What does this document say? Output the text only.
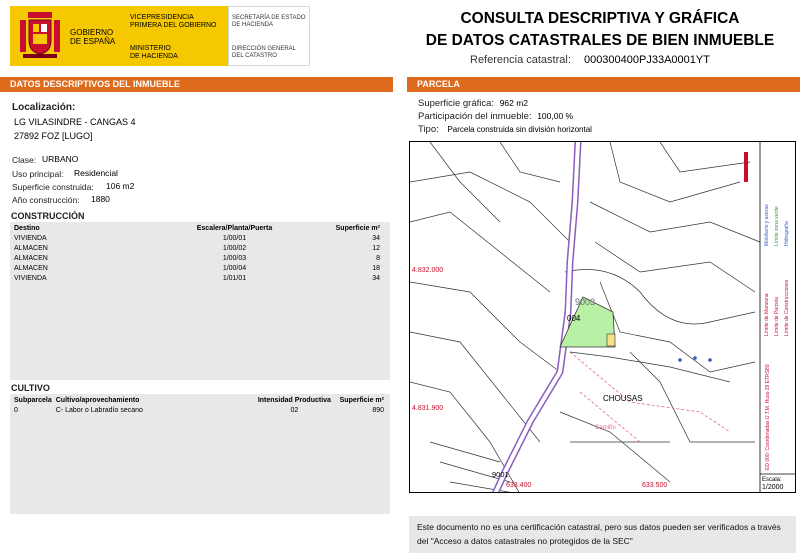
GOBIERNO
DE ESPAÑA
VICEPRESIDENCIA
PRIMERA DEL GOBIERNO
MINISTERIO
DE HACIENDA
SECRETARÍA DE ESTADO
DE HACIENDA
DIRECCIÓN GENERAL
DEL CATASTRO
CONSULTA DESCRIPTIVA Y GRÁFICA
DE DATOS CATASTRALES DE BIEN INMUEBLE
Referencia catastral: 000300400PJ33A0001YT
DATOS DESCRIPTIVOS DEL INMUEBLE	PARCELA
Localización:
LG VILASINDRE - CANGAS 4
27892 FOZ [LUGO]
Clase: URBANO
Uso principal: Residencial
Superficie construida: 106 m2
Año construcción: 1880
CONSTRUCCIÓN
Destino	Escalera/Planta/Puerta	Superficie m²
VIVIENDA	1/00/01	34
ALMACEN	1/00/02	12
ALMACEN	1/00/03	8
ALMACEN	1/00/04	18
VIVIENDA	1/01/01	34
CULTIVO
Subparcela	Cultivo/aprovechamiento	Intensidad Productiva	Superficie m²
0	C- Labor o Labradío secano	02	890
Superficie gráfica: 962 m2
Participación del inmueble: 100,00 %
Tipo: Parcela construida sin división horizontal
4.832.000
4.831.900
633.400	633.500
004
9003
CHOUSAS
9001
Camiño
Límite de Manzana Límite de Parcela Límite de Construcciones
Mobiliario y aceras Límite zona verde Hidrografía
ED 000: Coordenadas U.T.M. Huso 29 ETRS89
Escala:
1/2000
Este documento no es una certificación catastral, pero sus datos pueden ser verificados a través del "Acceso a datos catastrales no protegidos de la SEC"
